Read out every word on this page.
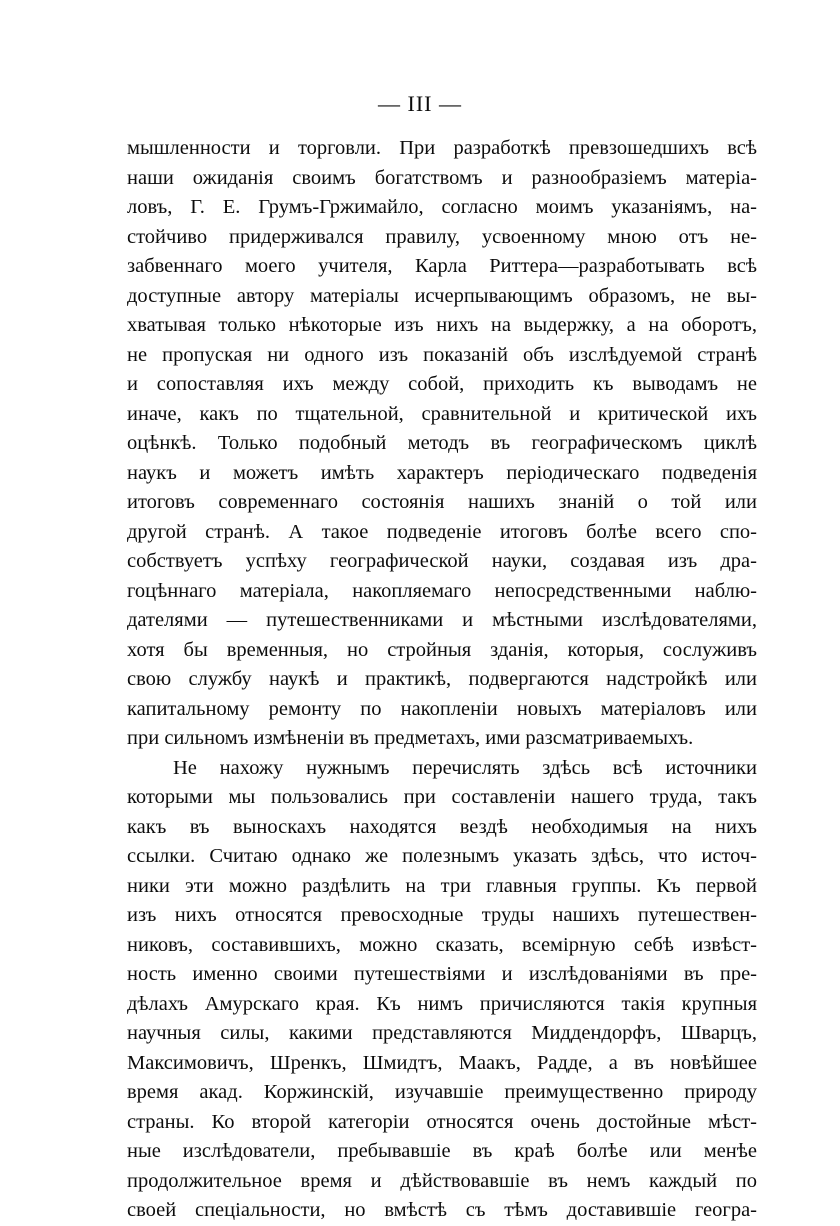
— III —
мышленности и торговли. При разработкѣ превзошедшихъ всѣ
наши ожиданія своимъ богатствомъ и разнообразіемъ матеріа-
ловъ, Г. Е. Грумъ-Гржимайло, согласно моимъ указаніямъ, на-
стойчиво придерживался правилу, усвоенному мною отъ не-
забвеннаго моего учителя, Карла Риттера—разработывать всѣ
доступные автору матеріалы исчерпывающимъ образомъ, не вы-
хватывая только нѣкоторые изъ нихъ на выдержку, а на оборотъ,
не пропуская ни одного изъ показаній объ изслѣдуемой странѣ
и сопоставляя ихъ между собой, приходить къ выводамъ не
иначе, какъ по тщательной, сравнительной и критической ихъ
оцѣнкѣ. Только подобный методъ въ географическомъ циклѣ
наукъ и можетъ имѣть характеръ періодическаго подведенія
итоговъ современнаго состоянія нашихъ знаній о той или
другой странѣ. А такое подведеніе итоговъ болѣе всего спо-
собствуетъ успѣху географической науки, создавая изъ дра-
гоцѣннаго матеріала, накопляемаго непосредственными наблю-
дателями — путешественниками и мѣстными изслѣдователями,
хотя бы временныя, но стройныя зданія, которыя, сослуживъ
свою службу наукѣ и практикѣ, подвергаются надстройкѣ или
капитальному ремонту по накопленіи новыхъ матеріаловъ или
при сильномъ измѣненіи въ предметахъ, ими разсматриваемыхъ.
Не нахожу нужнымъ перечислять здѣсь всѣ источники
которыми мы пользовались при составленіи нашего труда, такъ
какъ въ выноскахъ находятся вездѣ необходимыя на нихъ
ссылки. Считаю однако же полезнымъ указать здѣсь, что источ-
ники эти можно раздѣлить на три главныя группы. Къ первой
изъ нихъ относятся превосходные труды нашихъ путешествен-
никовъ, составившихъ, можно сказать, всемірную себѣ извѣст-
ность именно своими путешествіями и изслѣдованіями въ пре-
дѣлахъ Амурскаго края. Къ нимъ причисляются такія крупныя
научныя силы, какими представляются Миддендорфъ, Шварцъ,
Максимовичъ, Шренкъ, Шмидтъ, Маакъ, Радде, а въ новѣйшее
время акад. Коржинскій, изучавшіе преимущественно природу
страны. Ко второй категоріи относятся очень достойные мѣст-
ные изслѣдователи, пребывавшіе въ краѣ болѣе или менѣе
продолжительное время и дѣйствовавшіе въ немъ каждый по
своей спеціальности, но вмѣстѣ съ тѣмъ доставившіе геогра-
